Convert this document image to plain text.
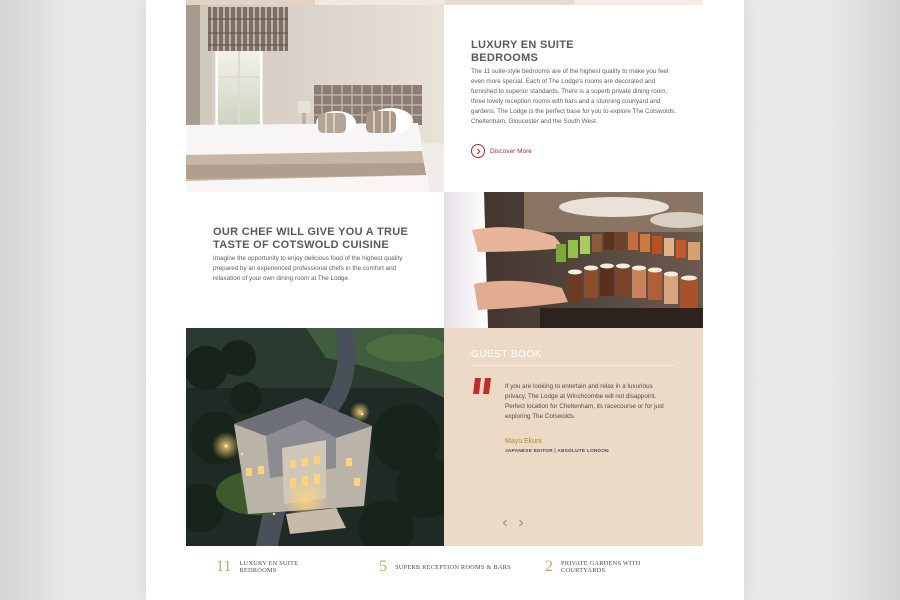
LUXURY EN SUITE BEDROOMS

The 11 suite-style bedrooms are of the highest quality to make you feel even more special. Each of The Lodge's rooms are decorated and furnished to superior standards. There is a superb private dining room, three lovely reception rooms with bars and a stunning courtyard and gardens. The Lodge is the perfect base for you to explore The Cotswolds, Cheltenham, Gloucester and the South West.

Discover More
OUR CHEF WILL GIVE YOU A TRUE TASTE OF COTSWOLD CUISINE

Imagine the opportunity to enjoy delicious food of the highest quality prepared by an experienced professional chefs in the comfort and relaxation of your own dining room at The Lodge.

GUEST BOOK

If you are looking to entertain and relax in a luxurious privacy, The Lodge at Winchcombe will not disappoint. Perfect location for Cheltenham, its racecourse or for just exploring The Cotswolds.

Mayu Ekuni
JAPANESE EDITOR | ABSOLUTE LONDON
11 LUXURY EN SUITE BEDROOMS	5 SUPERB RECEPTION ROOMS & BARS	2 PRIVATE GARDENS WITH COURTYARDS
